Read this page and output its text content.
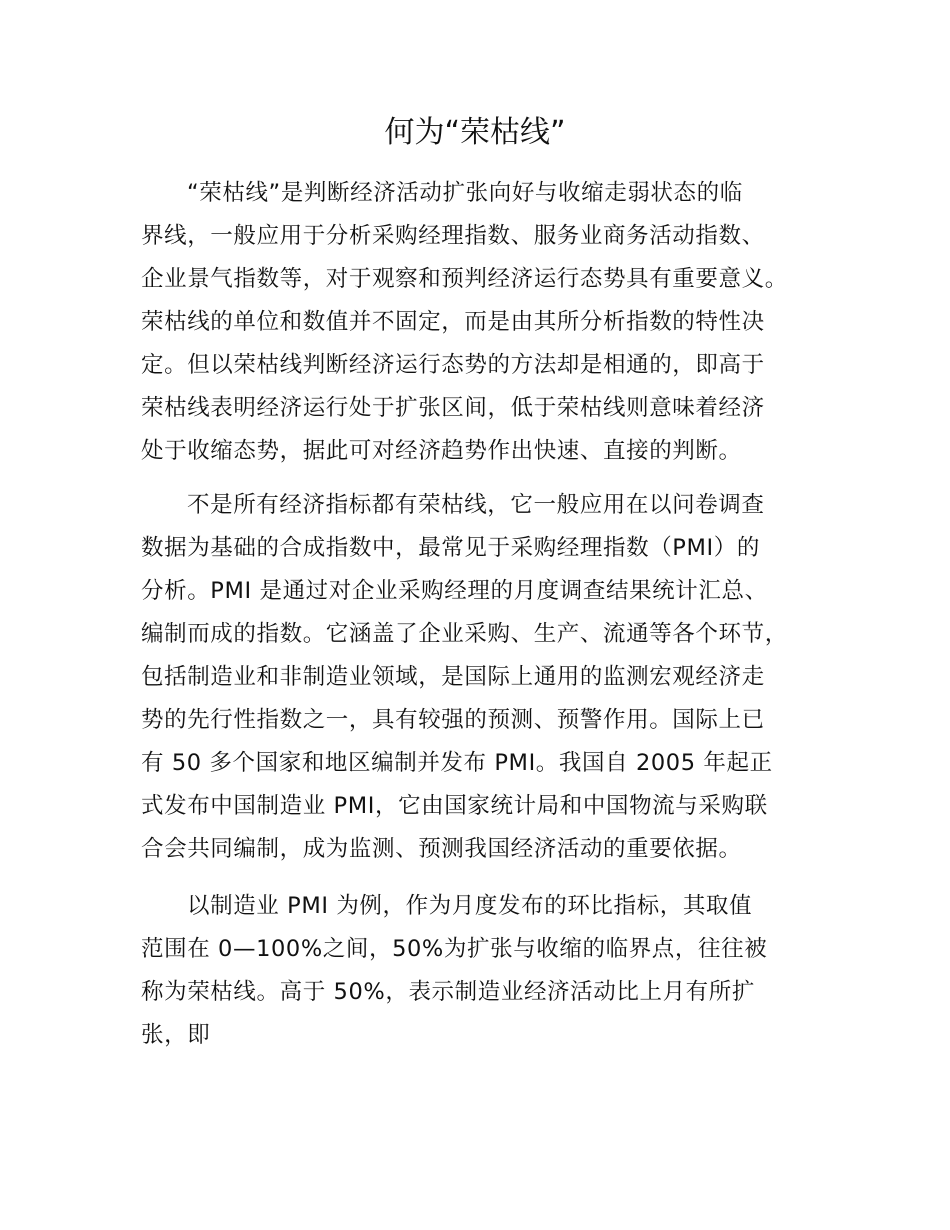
何为“荣枯线”
“荣枯线”是判断经济活动扩张向好与收缩走弱状态的临
界线，一般应用于分析采购经理指数、服务业商务活动指数、
企业景气指数等，对于观察和预判经济运行态势具有重要意义。
荣枯线的单位和数值并不固定，而是由其所分析指数的特性决
定。但以荣枯线判断经济运行态势的方法却是相通的，即高于
荣枯线表明经济运行处于扩张区间，低于荣枯线则意味着经济
处于收缩态势，据此可对经济趋势作出快速、直接的判断。
不是所有经济指标都有荣枯线，它一般应用在以问卷调查
数据为基础的合成指数中，最常见于采购经理指数（PMI）的
分析。PMI 是通过对企业采购经理的月度调查结果统计汇总、
编制而成的指数。它涵盖了企业采购、生产、流通等各个环节，
包括制造业和非制造业领域，是国际上通用的监测宏观经济走
势的先行性指数之一，具有较强的预测、预警作用。国际上已
有 50 多个国家和地区编制并发布 PMI。我国自 2005 年起正
式发布中国制造业 PMI，它由国家统计局和中国物流与采购联
合会共同编制，成为监测、预测我国经济活动的重要依据。
以制造业 PMI 为例，作为月度发布的环比指标，其取值
范围在 0—100%之间，50%为扩张与收缩的临界点，往往被
称为荣枯线。高于 50%，表示制造业经济活动比上月有所扩
张，即
